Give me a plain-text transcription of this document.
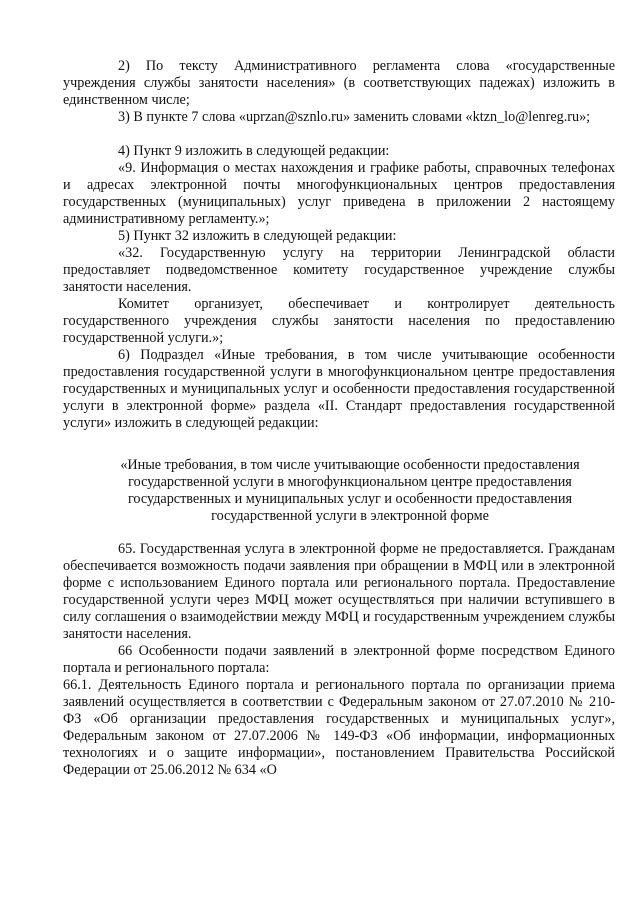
2) По тексту Административного регламента слова «государственные учреждения службы занятости населения» (в соответствующих падежах) изложить в единственном числе;

3) В пункте 7 слова «uprzan@sznlo.ru» заменить словами «ktzn_lo@lenreg.ru»;

4) Пункт 9 изложить в следующей редакции:

«9. Информация о местах нахождения и графике работы, справочных телефонах и адресах электронной почты многофункциональных центров предоставления государственных (муниципальных) услуг приведена в приложении 2 настоящему административному регламенту.»;

5) Пункт 32 изложить в следующей редакции:

«32. Государственную услугу на территории Ленинградской области предоставляет подведомственное комитету государственное учреждение службы занятости населения.

Комитет организует, обеспечивает и контролирует деятельность государственного учреждения службы занятости населения по предоставлению государственной услуги.»;

6) Подраздел «Иные требования, в том числе учитывающие особенности предоставления государственной услуги в многофункциональном центре предоставления государственных и муниципальных услуг и особенности предоставления государственной услуги в электронной форме» раздела «II. Стандарт предоставления государственной услуги» изложить в следующей редакции:

«Иные требования, в том числе учитывающие особенности предоставления государственной услуги в многофункциональном центре предоставления государственных и муниципальных услуг и особенности предоставления государственной услуги в электронной форме

65. Государственная услуга в электронной форме не предоставляется. Гражданам обеспечивается возможность подачи заявления при обращении в МФЦ или в электронной форме с использованием Единого портала или регионального портала. Предоставление государственной услуги через МФЦ может осуществляться при наличии вступившего в силу соглашения о взаимодействии между МФЦ и государственным учреждением службы занятости населения.

66 Особенности подачи заявлений в электронной форме посредством Единого портала и регионального портала:

66.1. Деятельность Единого портала и регионального портала по организации приема заявлений осуществляется в соответствии с Федеральным законом от 27.07.2010 № 210-ФЗ «Об организации предоставления государственных и муниципальных услуг», Федеральным законом от 27.07.2006 № 149-ФЗ «Об информации, информационных технологиях и о защите информации», постановлением Правительства Российской Федерации от 25.06.2012 № 634 «О
